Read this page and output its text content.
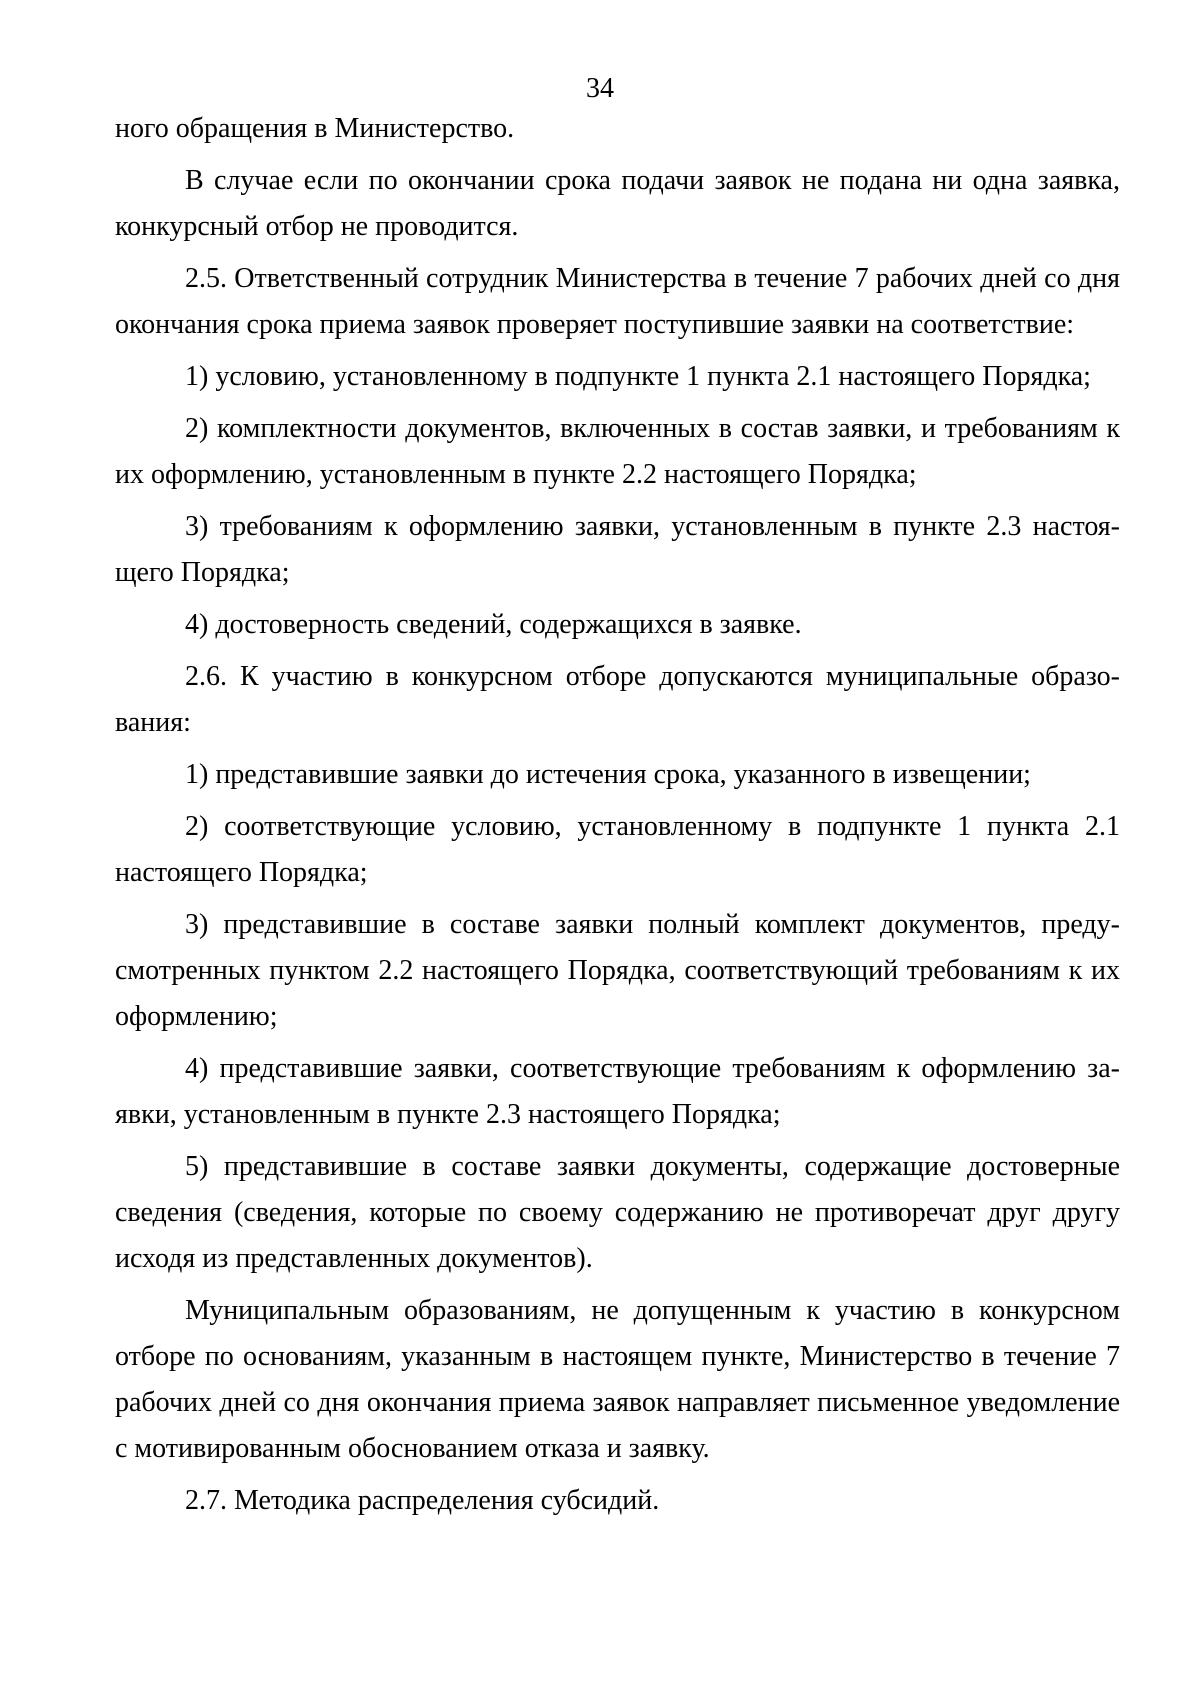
34

ного обращения в Министерство.

В случае если по окончании срока подачи заявок не подана ни одна заявка, конкурсный отбор не проводится.

2.5. Ответственный сотрудник Министерства в течение 7 рабочих дней со дня окончания срока приема заявок проверяет поступившие заявки на соответствие:

1) условию, установленному в подпункте 1 пункта 2.1 настоящего Порядка;

2) комплектности документов, включенных в состав заявки, и требованиям к их оформлению, установленным в пункте 2.2 настоящего Порядка;

3) требованиям к оформлению заявки, установленным в пункте 2.3 настоящего Порядка;

4) достоверность сведений, содержащихся в заявке.

2.6. К участию в конкурсном отборе допускаются муниципальные образования:

1) представившие заявки до истечения срока, указанного в извещении;

2) соответствующие условию, установленному в подпункте 1 пункта 2.1 настоящего Порядка;

3) представившие в составе заявки полный комплект документов, предусмотренных пунктом 2.2 настоящего Порядка, соответствующий требованиям к их оформлению;

4) представившие заявки, соответствующие требованиям к оформлению заявки, установленным в пункте 2.3 настоящего Порядка;

5) представившие в составе заявки документы, содержащие достоверные сведения (сведения, которые по своему содержанию не противоречат друг другу исходя из представленных документов).

Муниципальным образованиям, не допущенным к участию в конкурсном отборе по основаниям, указанным в настоящем пункте, Министерство в течение 7 рабочих дней со дня окончания приема заявок направляет письменное уведомление с мотивированным обоснованием отказа и заявку.

2.7. Методика распределения субсидий.
